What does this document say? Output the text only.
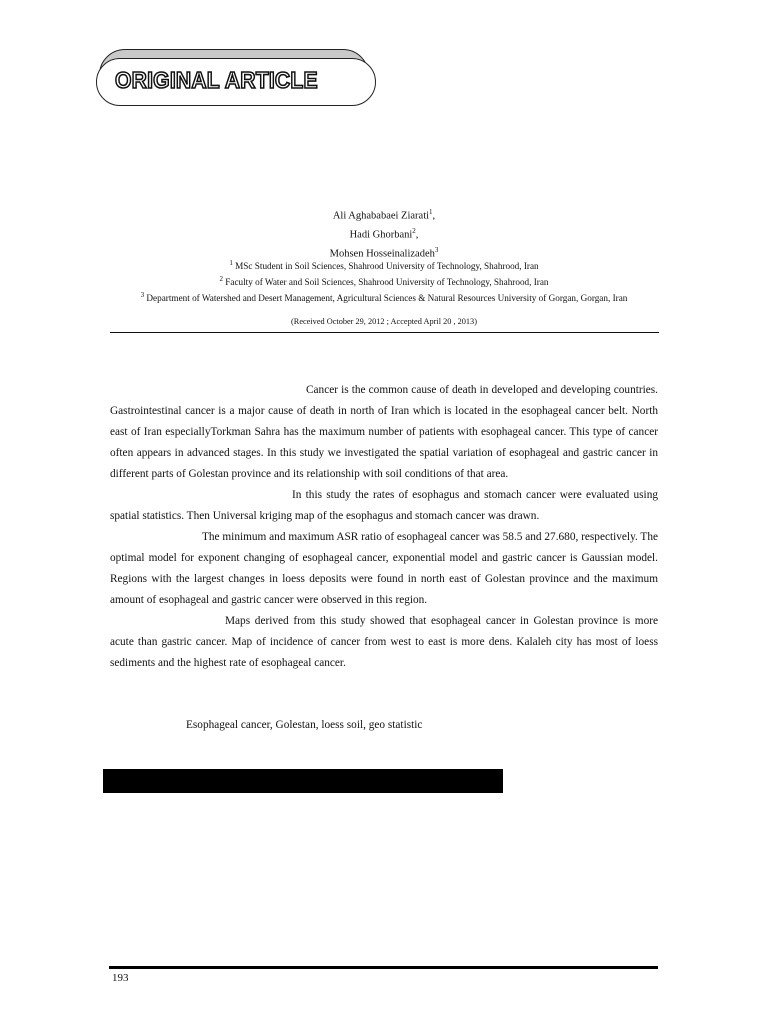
ORIGINAL ARTICLE
Ali Aghababaei Ziarati$^1$,
Hadi Ghorbani$^2$,
Mohsen Hosseinalizadeh$^3$
$^1$ MSc Student in Soil Sciences, Shahrood University of Technology, Shahrood, Iran
$^2$ Faculty of Water and Soil Sciences, Shahrood University of Technology, Shahrood, Iran
$^3$ Department of Watershed and Desert Management, Agricultural Sciences & Natural Resources University of Gorgan, Gorgan, Iran
(Received October 29, 2012 ; Accepted April 20 , 2013)

Cancer is the common cause of death in developed and developing countries. Gastrointestinal cancer is a major cause of death in north of Iran which is located in the esophageal cancer belt. North east of Iran especiallyTorkman Sahra has the maximum number of patients with esophageal cancer. This type of cancer often appears in advanced stages. In this study we investigated the spatial variation of esophageal and gastric cancer in different parts of Golestan province and its relationship with soil conditions of that area.

In this study the rates of esophagus and stomach cancer were evaluated using spatial statistics. Then Universal kriging map of the esophagus and stomach cancer was drawn.

The minimum and maximum ASR ratio of esophageal cancer was 58.5 and 27.680, respectively. The optimal model for exponent changing of esophageal cancer, exponential model and gastric cancer is Gaussian model. Regions with the largest changes in loess deposits were found in north east of Golestan province and the maximum amount of esophageal and gastric cancer were observed in this region.

Maps derived from this study showed that esophageal cancer in Golestan province is more acute than gastric cancer. Map of incidence of cancer from west to east is more dens. Kalaleh city has most of loess sediments and the highest rate of esophageal cancer.

Esophageal cancer, Golestan, loess soil, geo statistic
193
